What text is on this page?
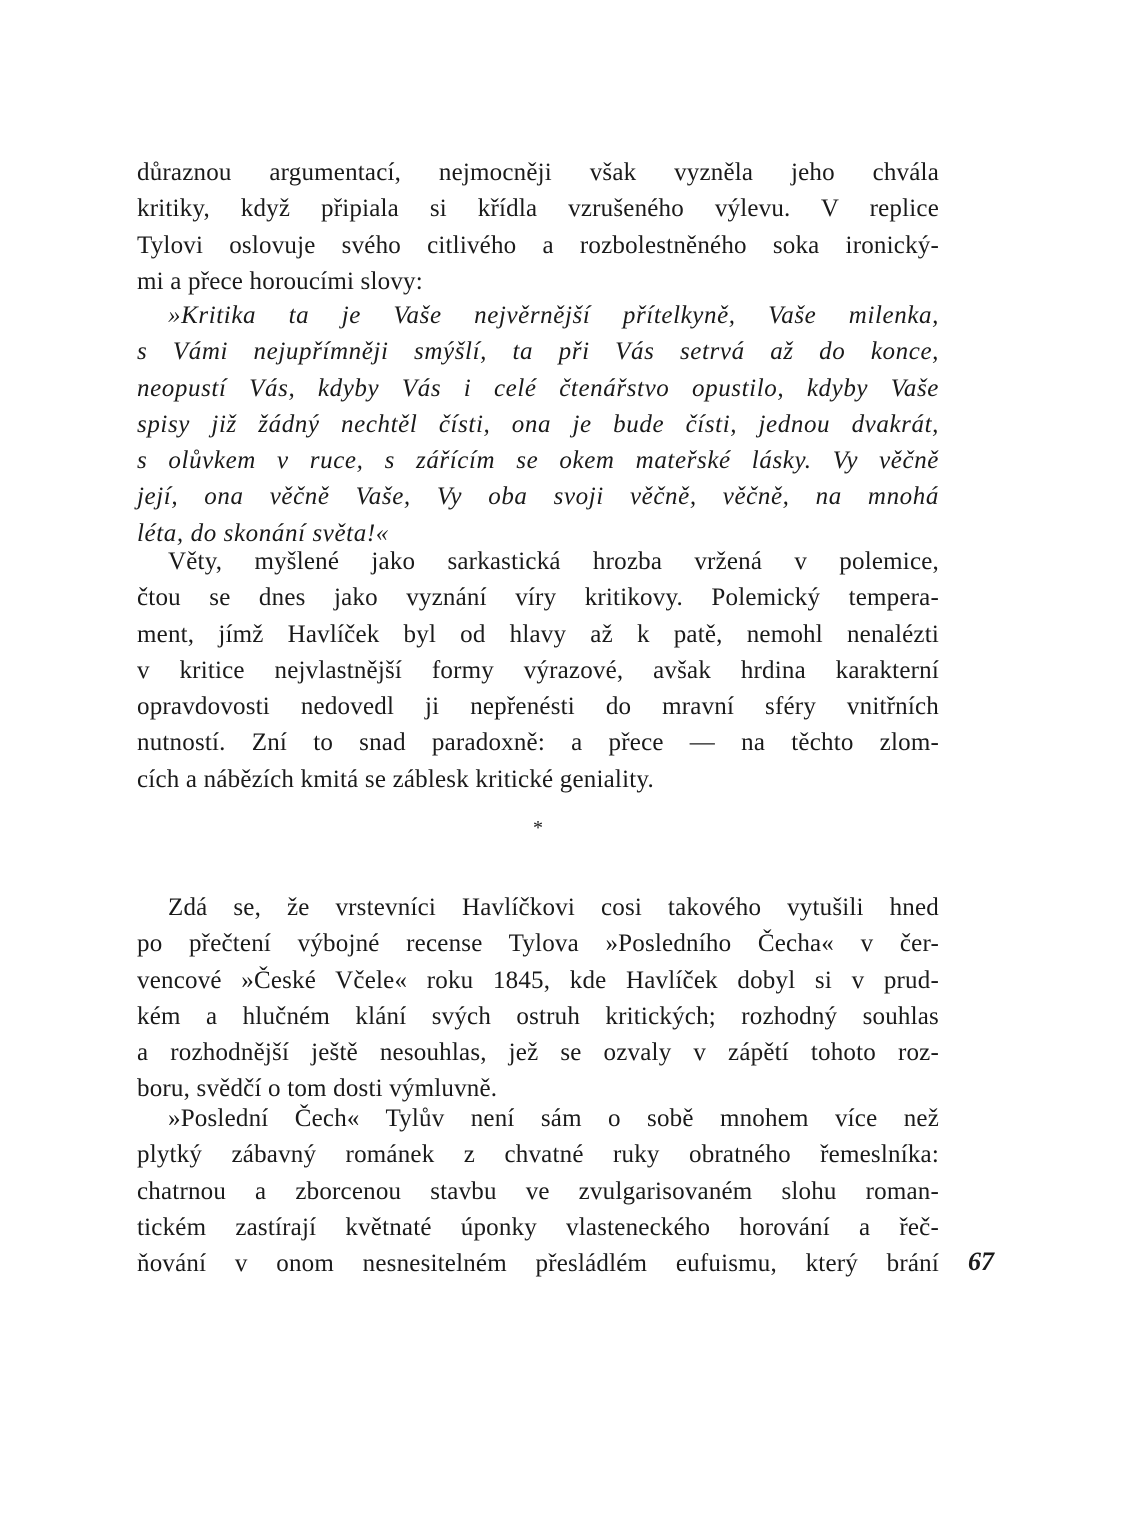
důraznou argumentací, nejmocněji však vyzněla jeho chvála
kritiky, když připiala si křídla vzrušeného výlevu. V replice
Tylovi oslovuje svého citlivého a rozbolestněného soka ironický-
mi a přece horoucími slovy:
»Kritika ta je Vaše nejvěrnější přítelkyně, Vaše milenka,
s Vámi nejupřímněji smýšlí, ta při Vás setrvá až do konce,
neopustí Vás, kdyby Vás i celé čtenářstvo opustilo, kdyby Vaše
spisy již žádný nechtěl čísti, ona je bude čísti, jednou dvakrát,
s olůvkem v ruce, s zářícím se okem mateřské lásky. Vy věčně
její, ona věčně Vaše, Vy oba svoji věčně, věčně, na mnohá
léta, do skonání světa!«
Věty, myšlené jako sarkastická hrozba vržená v polemice,
čtou se dnes jako vyznání víry kritikovy. Polemický tempera-
ment, jímž Havlíček byl od hlavy až k patě, nemohl nenalézti
v kritice nejvlastnější formy výrazové, avšak hrdina karakterní
opravdovosti nedovedl ji nepřenésti do mravní sféry vnitřních
nutností. Zní to snad paradoxně: a přece — na těchto zlom-
cích a nábězích kmitá se záblesk kritické geniality.
*
Zdá se, že vrstevníci Havlíčkovi cosi takového vytušili hned
po přečtení výbojné recense Tylova »Posledního Čecha« v čer-
vencové »České Včele« roku 1845, kde Havlíček dobyl si v prud-
kém a hlučném klání svých ostruh kritických; rozhodný souhlas
a rozhodnější ještě nesouhlas, jež se ozvaly v zápětí tohoto roz-
boru, svědčí o tom dosti výmluvně.
»Poslední Čech« Tylův není sám o sobě mnohem více než
plytký zábavný románek z chvatné ruky obratného řemeslníka:
chatrnou a zborcenou stavbu ve zvulgarisovaném slohu roman-
tickém zastírají květnaté úponky vlasteneckého horování a řeč-
ňování v onom nesnesitelném přesládlém eufuismu, který brání 67
